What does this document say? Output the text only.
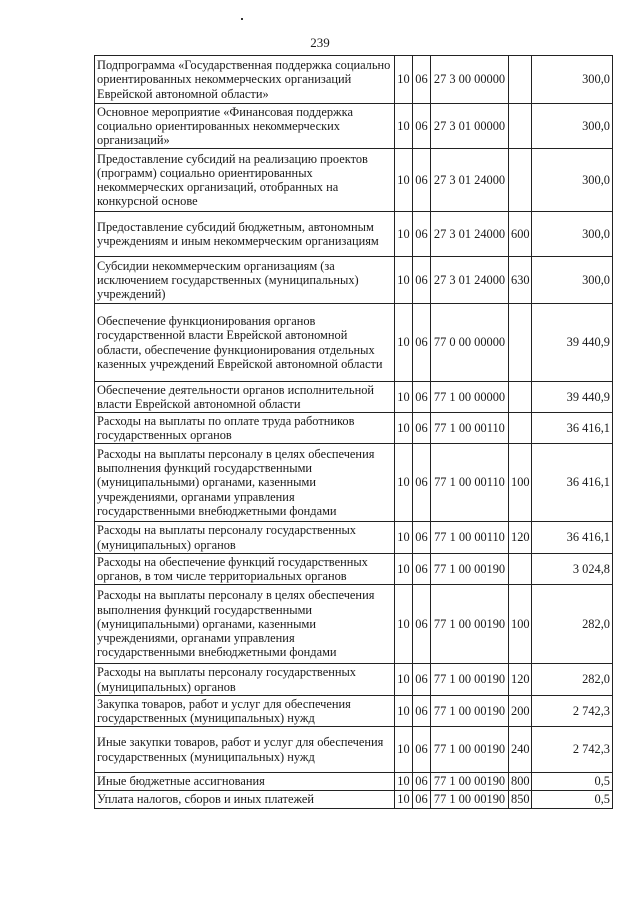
239
Подпрограмма «Государственная поддержка социально ориентированных некоммерческих организаций Еврейской автономной области»	10	06	27 3 00 00000		300,0
Основное мероприятие «Финансовая поддержка социально ориентированных некоммерческих организаций»	10	06	27 3 01 00000		300,0
Предоставление субсидий на реализацию проектов (программ) социально ориентированных некоммерческих организаций, отобранных на конкурсной основе	10	06	27 3 01 24000		300,0
Предоставление субсидий бюджетным, автономным учреждениям и иным некоммерческим организациям	10	06	27 3 01 24000	600	300,0
Субсидии некоммерческим организациям (за исключением государственных (муниципальных) учреждений)	10	06	27 3 01 24000	630	300,0
Обеспечение функционирования органов государственной власти Еврейской автономной области, обеспечение функционирования отдельных казенных учреждений Еврейской автономной области	10	06	77 0 00 00000		39 440,9
Обеспечение деятельности органов исполнительной власти Еврейской автономной области	10	06	77 1 00 00000		39 440,9
Расходы на выплаты по оплате труда работников государственных органов	10	06	77 1 00 00110		36 416,1
Расходы на выплаты персоналу в целях обеспечения выполнения функций государственными (муниципальными) органами, казенными учреждениями, органами управления государственными внебюджетными фондами	10	06	77 1 00 00110	100	36 416,1
Расходы на выплаты персоналу государственных (муниципальных) органов	10	06	77 1 00 00110	120	36 416,1
Расходы на обеспечение функций государственных органов, в том числе территориальных органов	10	06	77 1 00 00190		3 024,8
Расходы на выплаты персоналу в целях обеспечения выполнения функций государственными (муниципальными) органами, казенными учреждениями, органами управления государственными внебюджетными фондами	10	06	77 1 00 00190	100	282,0
Расходы на выплаты персоналу государственных (муниципальных) органов	10	06	77 1 00 00190	120	282,0
Закупка товаров, работ и услуг для обеспечения государственных (муниципальных) нужд	10	06	77 1 00 00190	200	2 742,3
Иные закупки товаров, работ и услуг для обеспечения государственных (муниципальных) нужд	10	06	77 1 00 00190	240	2 742,3
Иные бюджетные ассигнования	10	06	77 1 00 00190	800	0,5
Уплата налогов, сборов и иных платежей	10	06	77 1 00 00190	850	0,5
